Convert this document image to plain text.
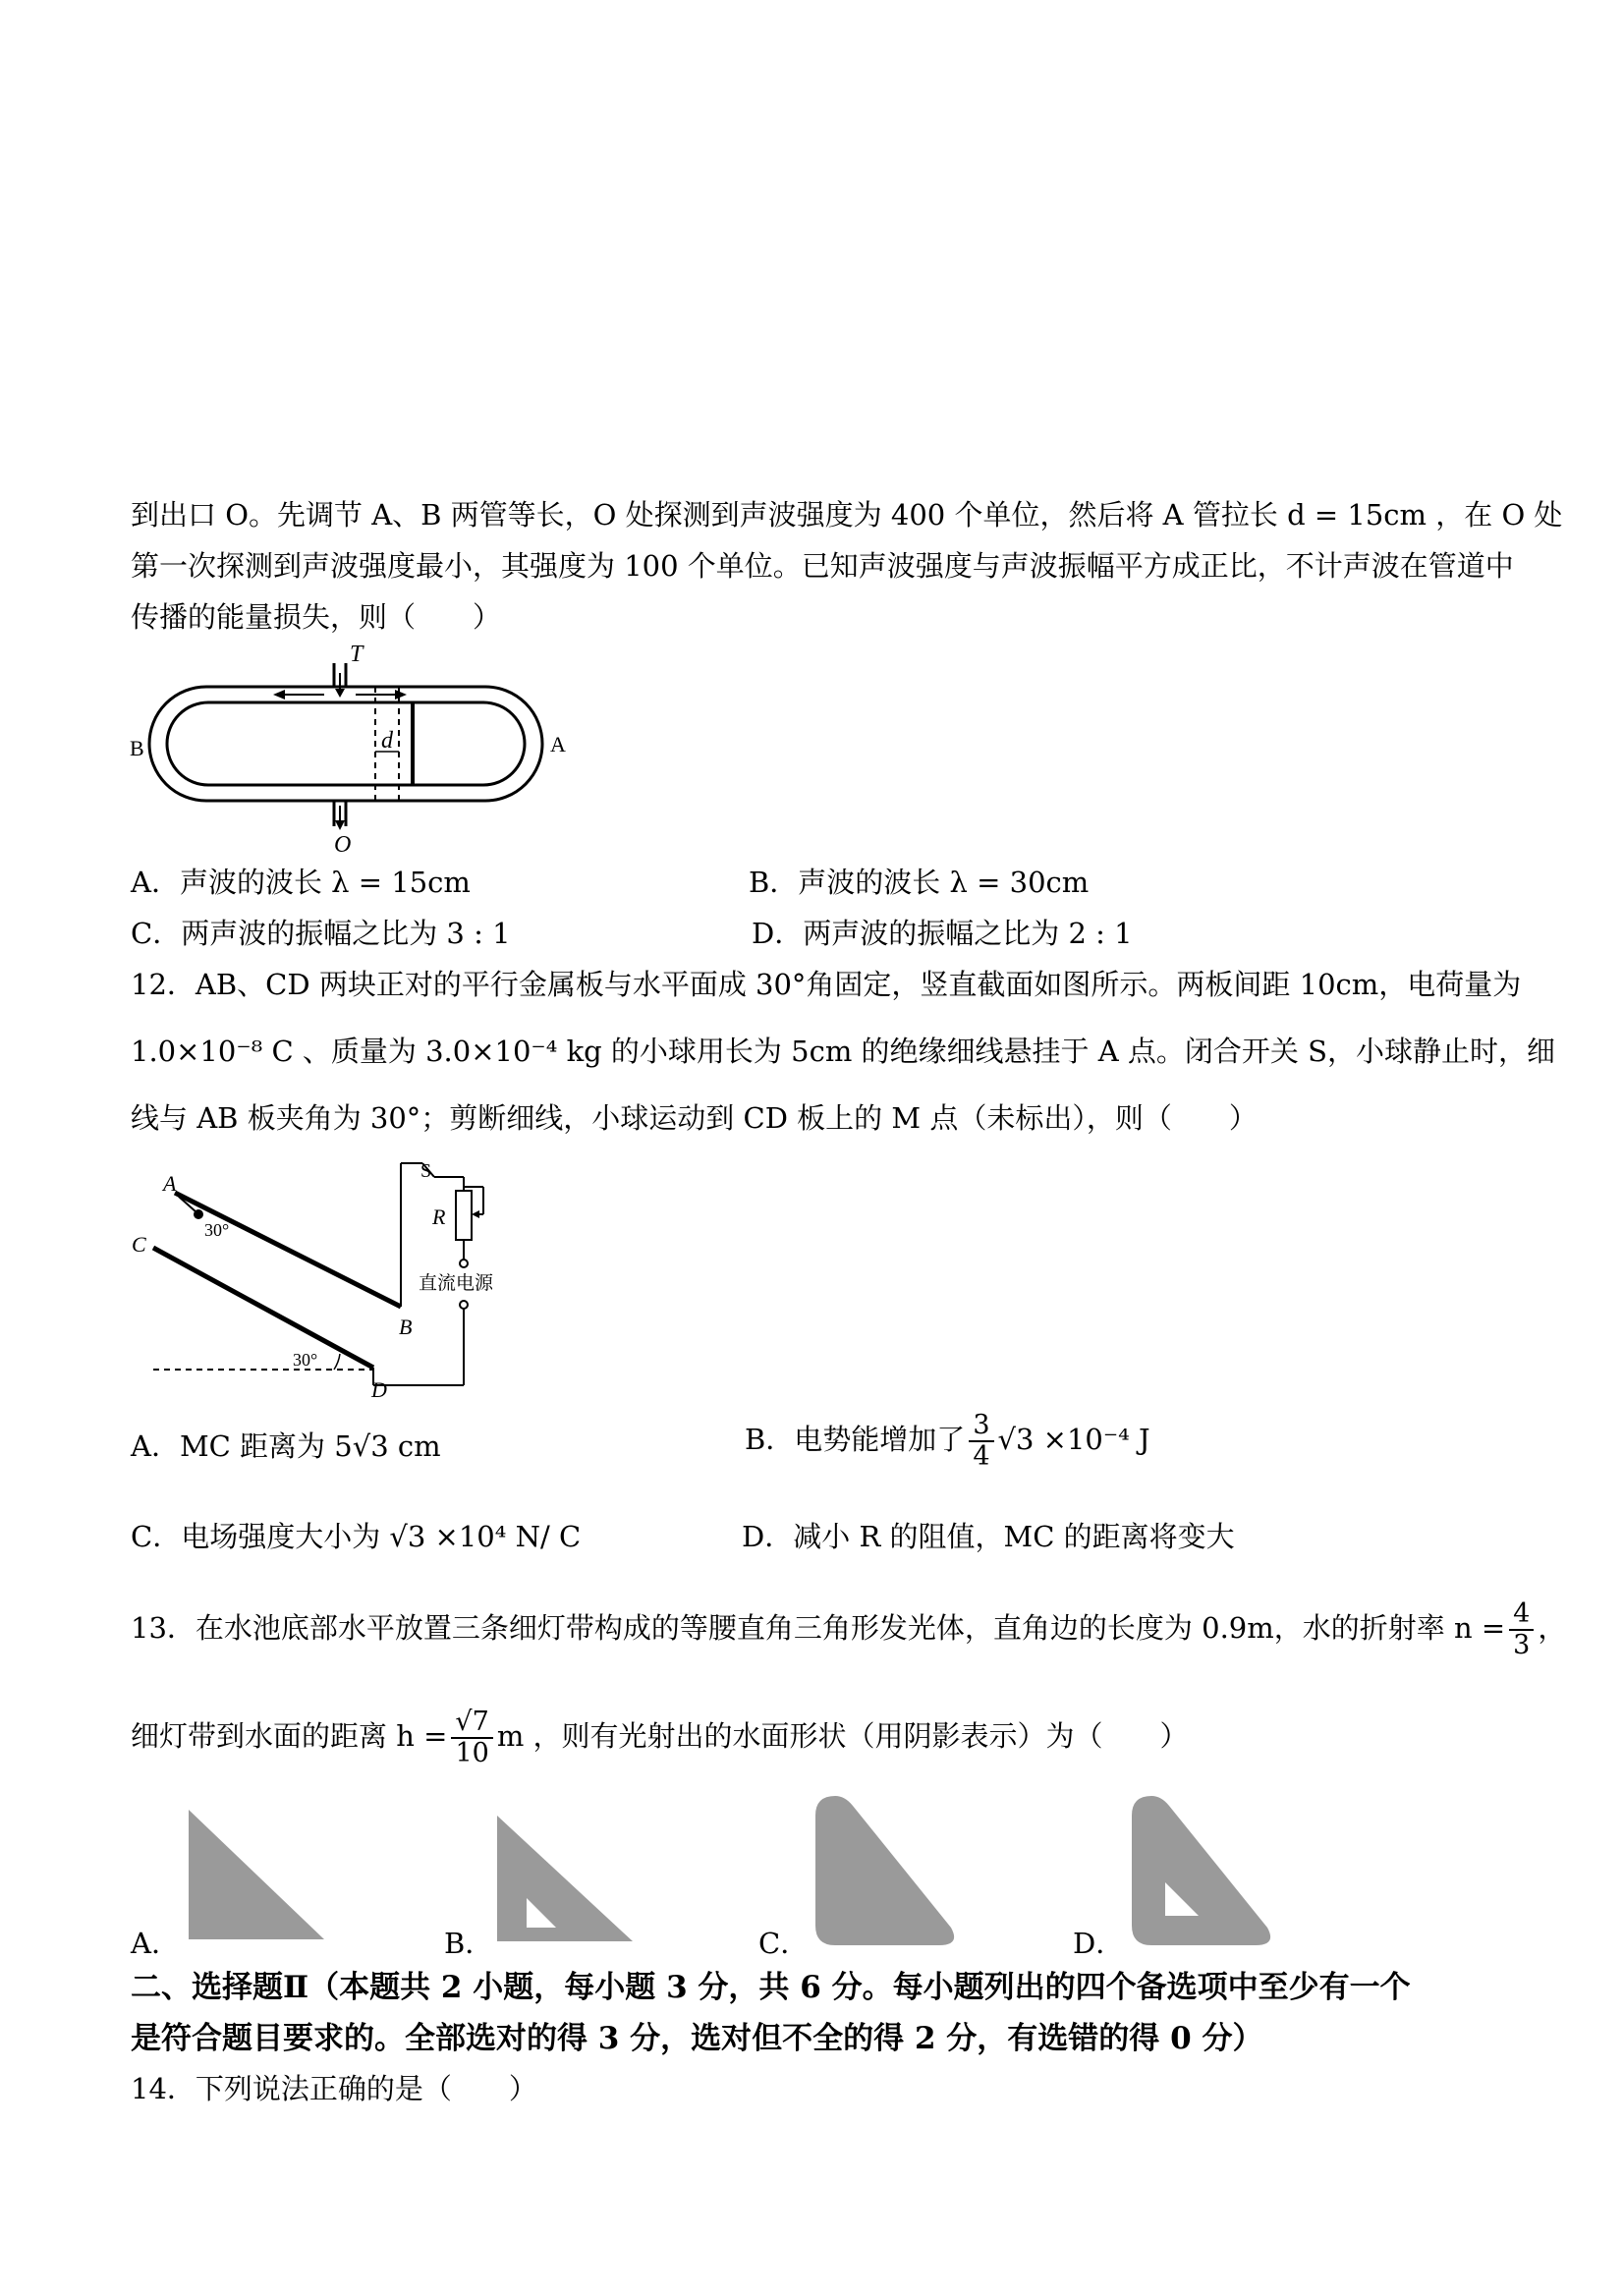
到出口 O。先调节 A、B 两管等长，O 处探测到声波强度为 400 个单位，然后将 A 管拉长 d = 15cm ，在 O 处
第一次探测到声波强度最小，其强度为 100 个单位。已知声波强度与声波振幅平方成正比，不计声波在管道中
传播的能量损失，则（　　）
T
B	A
d
O
A．声波的波长 λ = 15cm	B．声波的波长 λ = 30cm
C．两声波的振幅之比为 3 : 1	D．两声波的振幅之比为 2 : 1
12．AB、CD 两块正对的平行金属板与水平面成 30°角固定，竖直截面如图所示。两板间距 10cm，电荷量为
1.0×10⁻⁸ C 、质量为 3.0×10⁻⁴ kg 的小球用长为 5cm 的绝缘细线悬挂于 A 点。闭合开关 S，小球静止时，细
线与 AB 板夹角为 30°；剪断细线，小球运动到 CD 板上的 M 点（未标出），则（　　）
A
C
B
D
S
R
30°
30°
直流电源
A．MC 距离为 5√3 cm	B．电势能增加了 $\frac{3}{4} √3 \times 10^{-4}$ J
C．电场强度大小为 √3 ×10⁴ N/ C	D．减小 R 的阻值，MC 的距离将变大
13．在水池底部水平放置三条细灯带构成的等腰直角三角形发光体，直角边的长度为 0.9m，水的折射率 $n = \frac{4}{3}$ ，
细灯带到水面的距离 $h = \frac{√7}{10}$ m ，则有光射出的水面形状（用阴影表示）为（　　）
A．	B．	C．	D．
二、选择题Ⅱ（本题共 2 小题，每小题 3 分，共 6 分。每小题列出的四个备选项中至少有一个
是符合题目要求的。全部选对的得 3 分，选对但不全的得 2 分，有选错的得 0 分）
14．下列说法正确的是（　　）
